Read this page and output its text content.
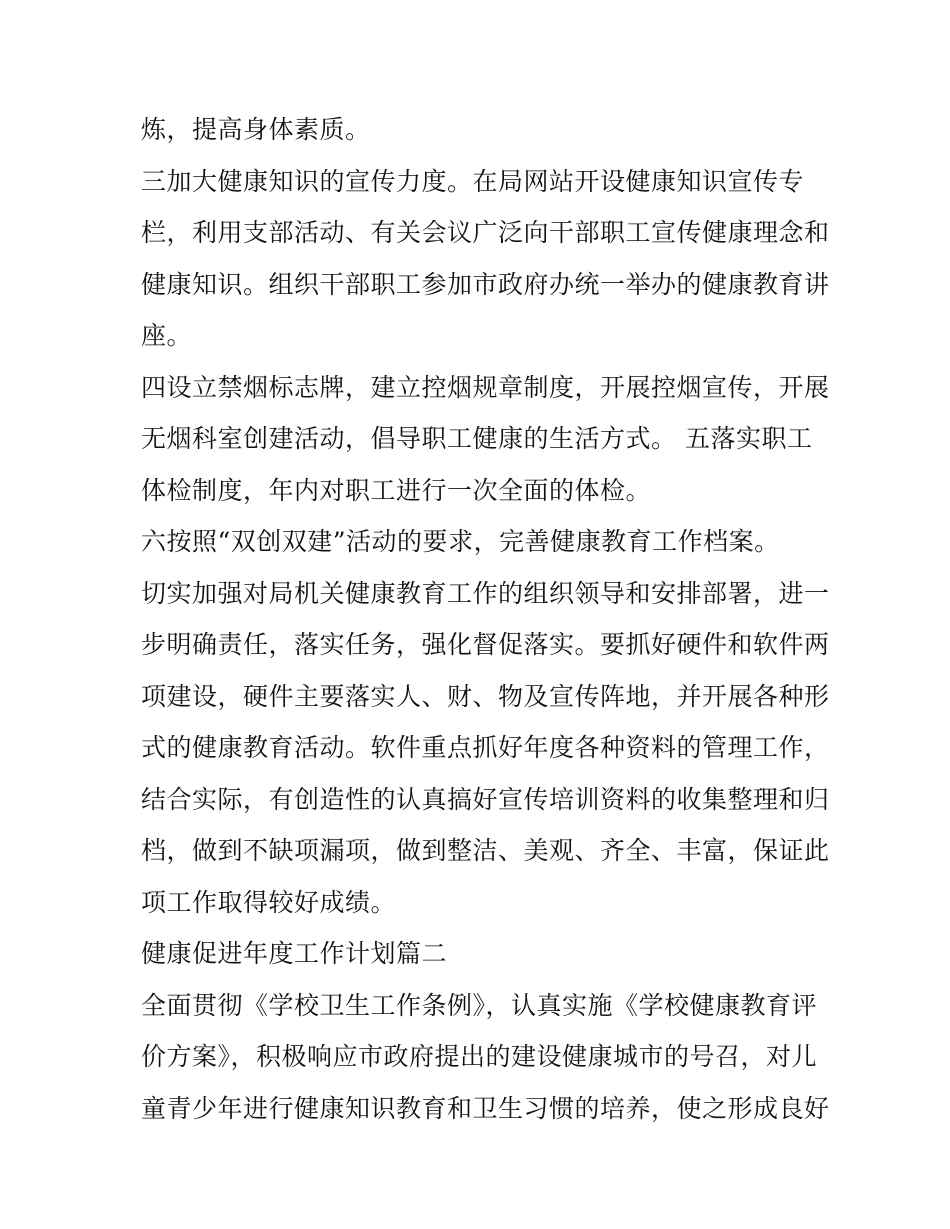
炼，提高身体素质。
三加大健康知识的宣传力度。在局网站开设健康知识宣传专
栏，利用支部活动、有关会议广泛向干部职工宣传健康理念和
健康知识。组织干部职工参加市政府办统一举办的健康教育讲
座。
四设立禁烟标志牌，建立控烟规章制度，开展控烟宣传，开展
无烟科室创建活动，倡导职工健康的生活方式。 五落实职工
体检制度，年内对职工进行一次全面的体检。
六按照“双创双建”活动的要求，完善健康教育工作档案。
切实加强对局机关健康教育工作的组织领导和安排部署，进一
步明确责任，落实任务，强化督促落实。要抓好硬件和软件两
项建设，硬件主要落实人、财、物及宣传阵地，并开展各种形
式的健康教育活动。软件重点抓好年度各种资料的管理工作，
结合实际，有创造性的认真搞好宣传培训资料的收集整理和归
档，做到不缺项漏项，做到整洁、美观、齐全、丰富，保证此
项工作取得较好成绩。
健康促进年度工作计划篇二
全面贯彻《学校卫生工作条例》，认真实施《学校健康教育评
价方案》，积极响应市政府提出的建设健康城市的号召，对儿
童青少年进行健康知识教育和卫生习惯的培养，使之形成良好
